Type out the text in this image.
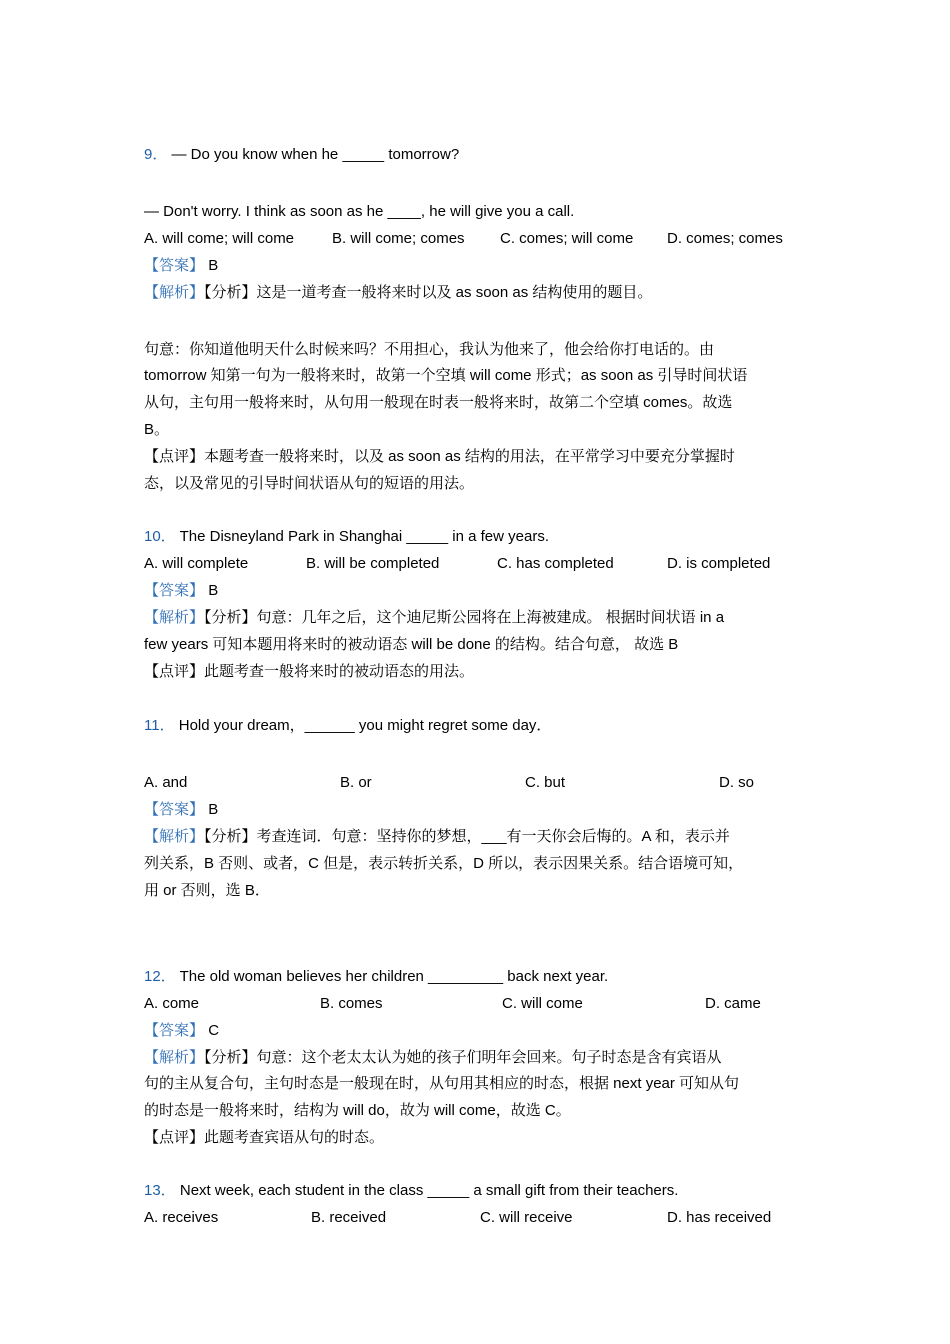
9． — Do you know when he _____ tomorrow?
— Don't worry. I think as soon as he ____, he will give you a call.
A. will come; will come	B. will come; comes C. comes; will come D. comes; comes
【答案】 B
【解析】【分析】这是一道考查一般将来时以及 as soon as 结构使用的题目。
句意：你知道他明天什么时候来吗？不用担心，我认为他来了，他会给你打电话的。由
tomorrow 知第一句为一般将来时，故第一个空填 will come 形式；as soon as 引导时间状语
从句，主句用一般将来时，从句用一般现在时表一般将来时，故第二个空填 comes。故选
B。
【点评】本题考查一般将来时，以及 as soon as 结构的用法，在平常学习中要充分掌握时
态，以及常见的引导时间状语从句的短语的用法。
10． The Disneyland Park in Shanghai _____ in a few years.
A. will complete	B. will be completed	C. has completed	D. is completed
【答案】 B
【解析】【分析】句意：几年之后，这个迪尼斯公园将在上海被建成。 根据时间状语 in a
few years 可知本题用将来时的被动语态 will be done 的结构。结合句意， 故选 B
【点评】此题考查一般将来时的被动语态的用法。
11． Hold your dream，______ you might regret some day．
A. and	B. or	C. but	D. so
【答案】 B
【解析】【分析】考查连词．句意：坚持你的梦想，___有一天你会后悔的。A 和，表示并
列关系，B 否则、或者，C 但是，表示转折关系，D 所以，表示因果关系。结合语境可知，
用 or 否则，选 B．
12． The old woman believes her children _________ back next year.
A. come	B. comes	C. will come	D. came
【答案】 C
【解析】【分析】句意：这个老太太认为她的孩子们明年会回来。句子时态是含有宾语从
句的主从复合句，主句时态是一般现在时，从句用其相应的时态，根据 next year 可知从句
的时态是一般将来时，结构为 will do，故为 will come，故选 C。
【点评】此题考查宾语从句的时态。
13． Next week, each student in the class _____ a small gift from their teachers.
A. receives	B. received	C. will receive	D. has received
